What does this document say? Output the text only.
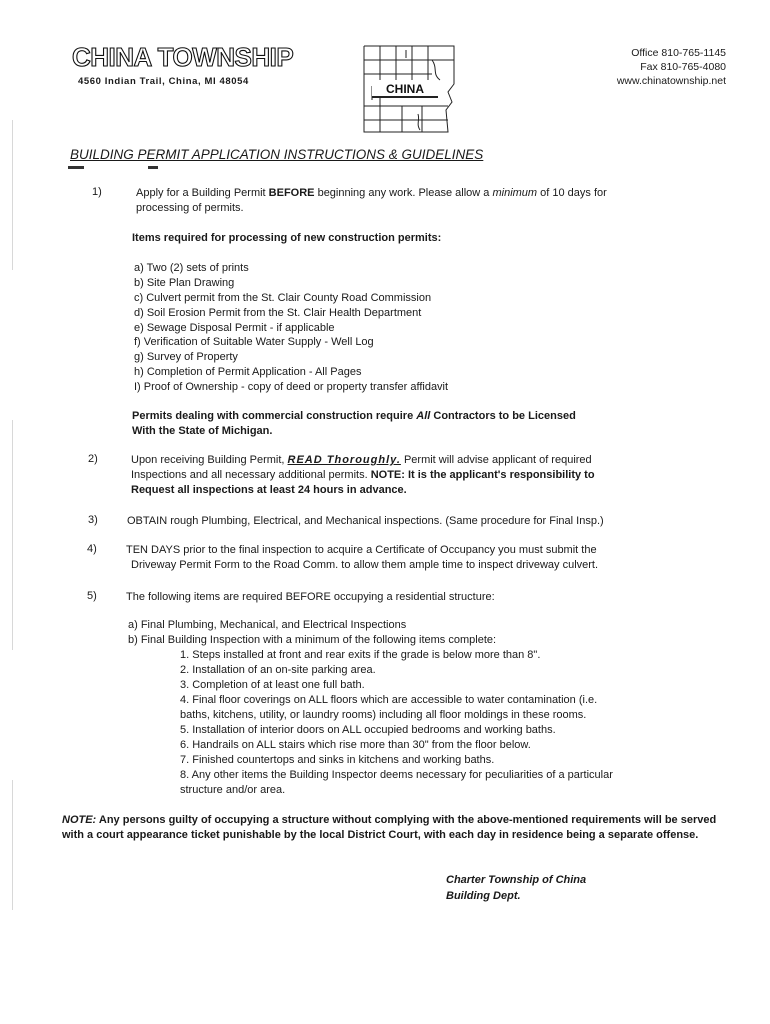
CHINA TOWNSHIP
4560 Indian Trail, China, MI 48054
CHINA
Office 810-765-1145
Fax 810-765-4080
www.chinatownship.net
BUILDING PERMIT APPLICATION INSTRUCTIONS & GUIDELINES
1)	Apply for a Building Permit BEFORE beginning any work. Please allow a minimum of 10 days for
processing of permits.
Items required for processing of new construction permits:
a) Two (2) sets of prints
b) Site Plan Drawing
c) Culvert permit from the St. Clair County Road Commission
d) Soil Erosion Permit from the St. Clair Health Department
e) Sewage Disposal Permit - if applicable
f) Verification of Suitable Water Supply - Well Log
g) Survey of Property
h) Completion of Permit Application - All Pages
I) Proof of Ownership - copy of deed or property transfer affidavit
Permits dealing with commercial construction require All Contractors to be Licensed
With the State of Michigan.
2)	Upon receiving Building Permit, READ Thoroughly. Permit will advise applicant of required
Inspections and all necessary additional permits. NOTE: It is the applicant's responsibility to
Request all inspections at least 24 hours in advance.
3)	OBTAIN rough Plumbing, Electrical, and Mechanical inspections. (Same procedure for Final Insp.)
4)	TEN DAYS prior to the final inspection to acquire a Certificate of Occupancy you must submit the
Driveway Permit Form to the Road Comm. to allow them ample time to inspect driveway culvert.
5)	The following items are required BEFORE occupying a residential structure:
a) Final Plumbing, Mechanical, and Electrical Inspections
b) Final Building Inspection with a minimum of the following items complete:
1. Steps installed at front and rear exits if the grade is below more than 8".
2. Installation of an on-site parking area.
3. Completion of at least one full bath.
4. Final floor coverings on ALL floors which are accessible to water contamination (i.e.
baths, kitchens, utility, or laundry rooms) including all floor moldings in these rooms.
5. Installation of interior doors on ALL occupied bedrooms and working baths.
6. Handrails on ALL stairs which rise more than 30" from the floor below.
7. Finished countertops and sinks in kitchens and working baths.
8. Any other items the Building Inspector deems necessary for peculiarities of a particular
structure and/or area.
NOTE: Any persons guilty of occupying a structure without complying with the above-mentioned requirements will be served with a court appearance ticket punishable by the local District Court, with each day in residence being a separate offense.
Charter Township of China
Building Dept.
